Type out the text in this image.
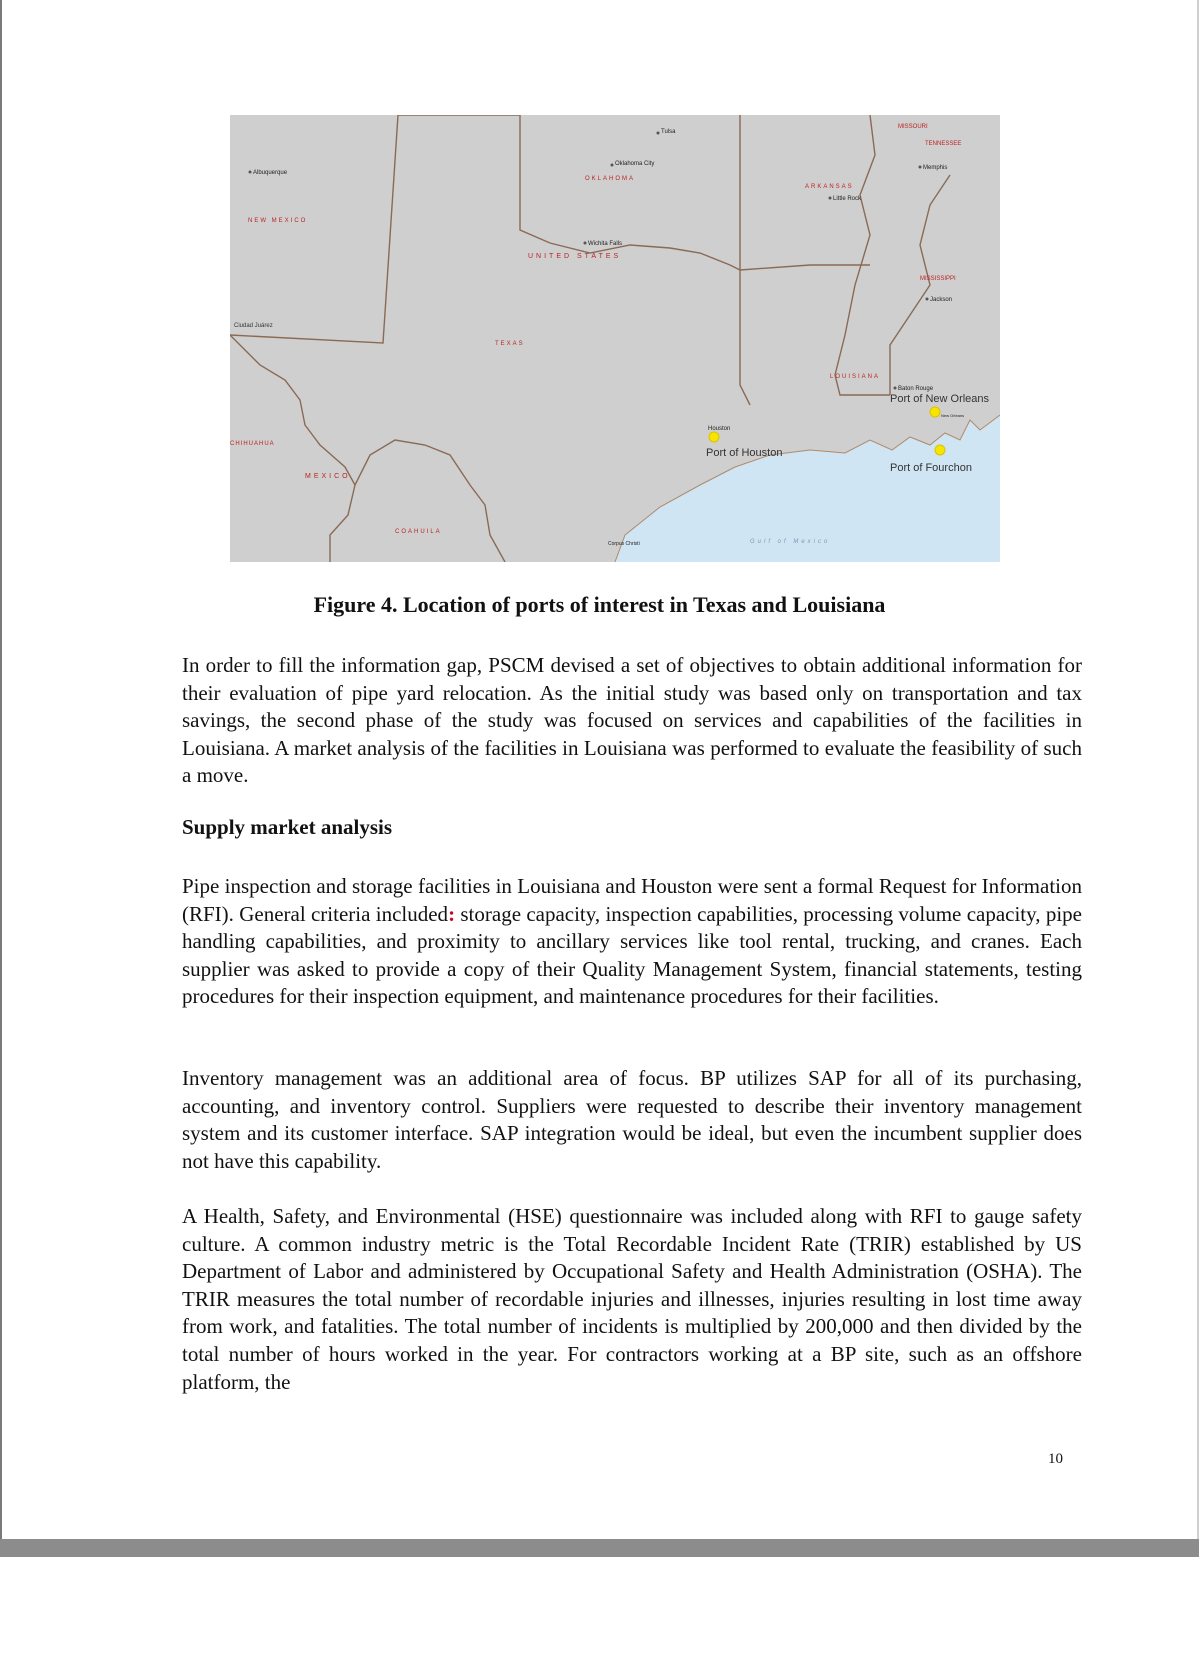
Tulsa
Oklahoma City
OKLAHOMA
Albuquerque
NEW MEXICO
ARKANSAS
Little Rock
MISSOURI
TENNESSEE
Memphis
Wichita Falls
UNITED STATES
MISSISSIPPI
Jackson
Ciudad Juárez
TEXAS
LOUISIANA
Baton Rouge
Port of New Orleans
New Orleans
Houston
Port of Houston
CHIHUAHUA
Port of Fourchon
MEXICO
COAHUILA
Corpus Christi	Gulf of Mexico
Figure 4. Location of ports of interest in Texas and Louisiana

In order to fill the information gap, PSCM devised a set of objectives to obtain additional information for their evaluation of pipe yard relocation. As the initial study was based only on transportation and tax savings, the second phase of the study was focused on services and capabilities of the facilities in Louisiana. A market analysis of the facilities in Louisiana was performed to evaluate the feasibility of such a move.

Supply market analysis

Pipe inspection and storage facilities in Louisiana and Houston were sent a formal Request for Information (RFI). General criteria included: storage capacity, inspection capabilities, processing volume capacity, pipe handling capabilities, and proximity to ancillary services like tool rental, trucking, and cranes. Each supplier was asked to provide a copy of their Quality Management System, financial statements, testing procedures for their inspection equipment, and maintenance procedures for their facilities.

Inventory management was an additional area of focus. BP utilizes SAP for all of its purchasing, accounting, and inventory control. Suppliers were requested to describe their inventory management system and its customer interface. SAP integration would be ideal, but even the incumbent supplier does not have this capability.

A Health, Safety, and Environmental (HSE) questionnaire was included along with RFI to gauge safety culture. A common industry metric is the Total Recordable Incident Rate (TRIR) established by US Department of Labor and administered by Occupational Safety and Health Administration (OSHA). The TRIR measures the total number of recordable injuries and illnesses, injuries resulting in lost time away from work, and fatalities. The total number of incidents is multiplied by 200,000 and then divided by the total number of hours worked in the year. For contractors working at a BP site, such as an offshore platform, the

10
